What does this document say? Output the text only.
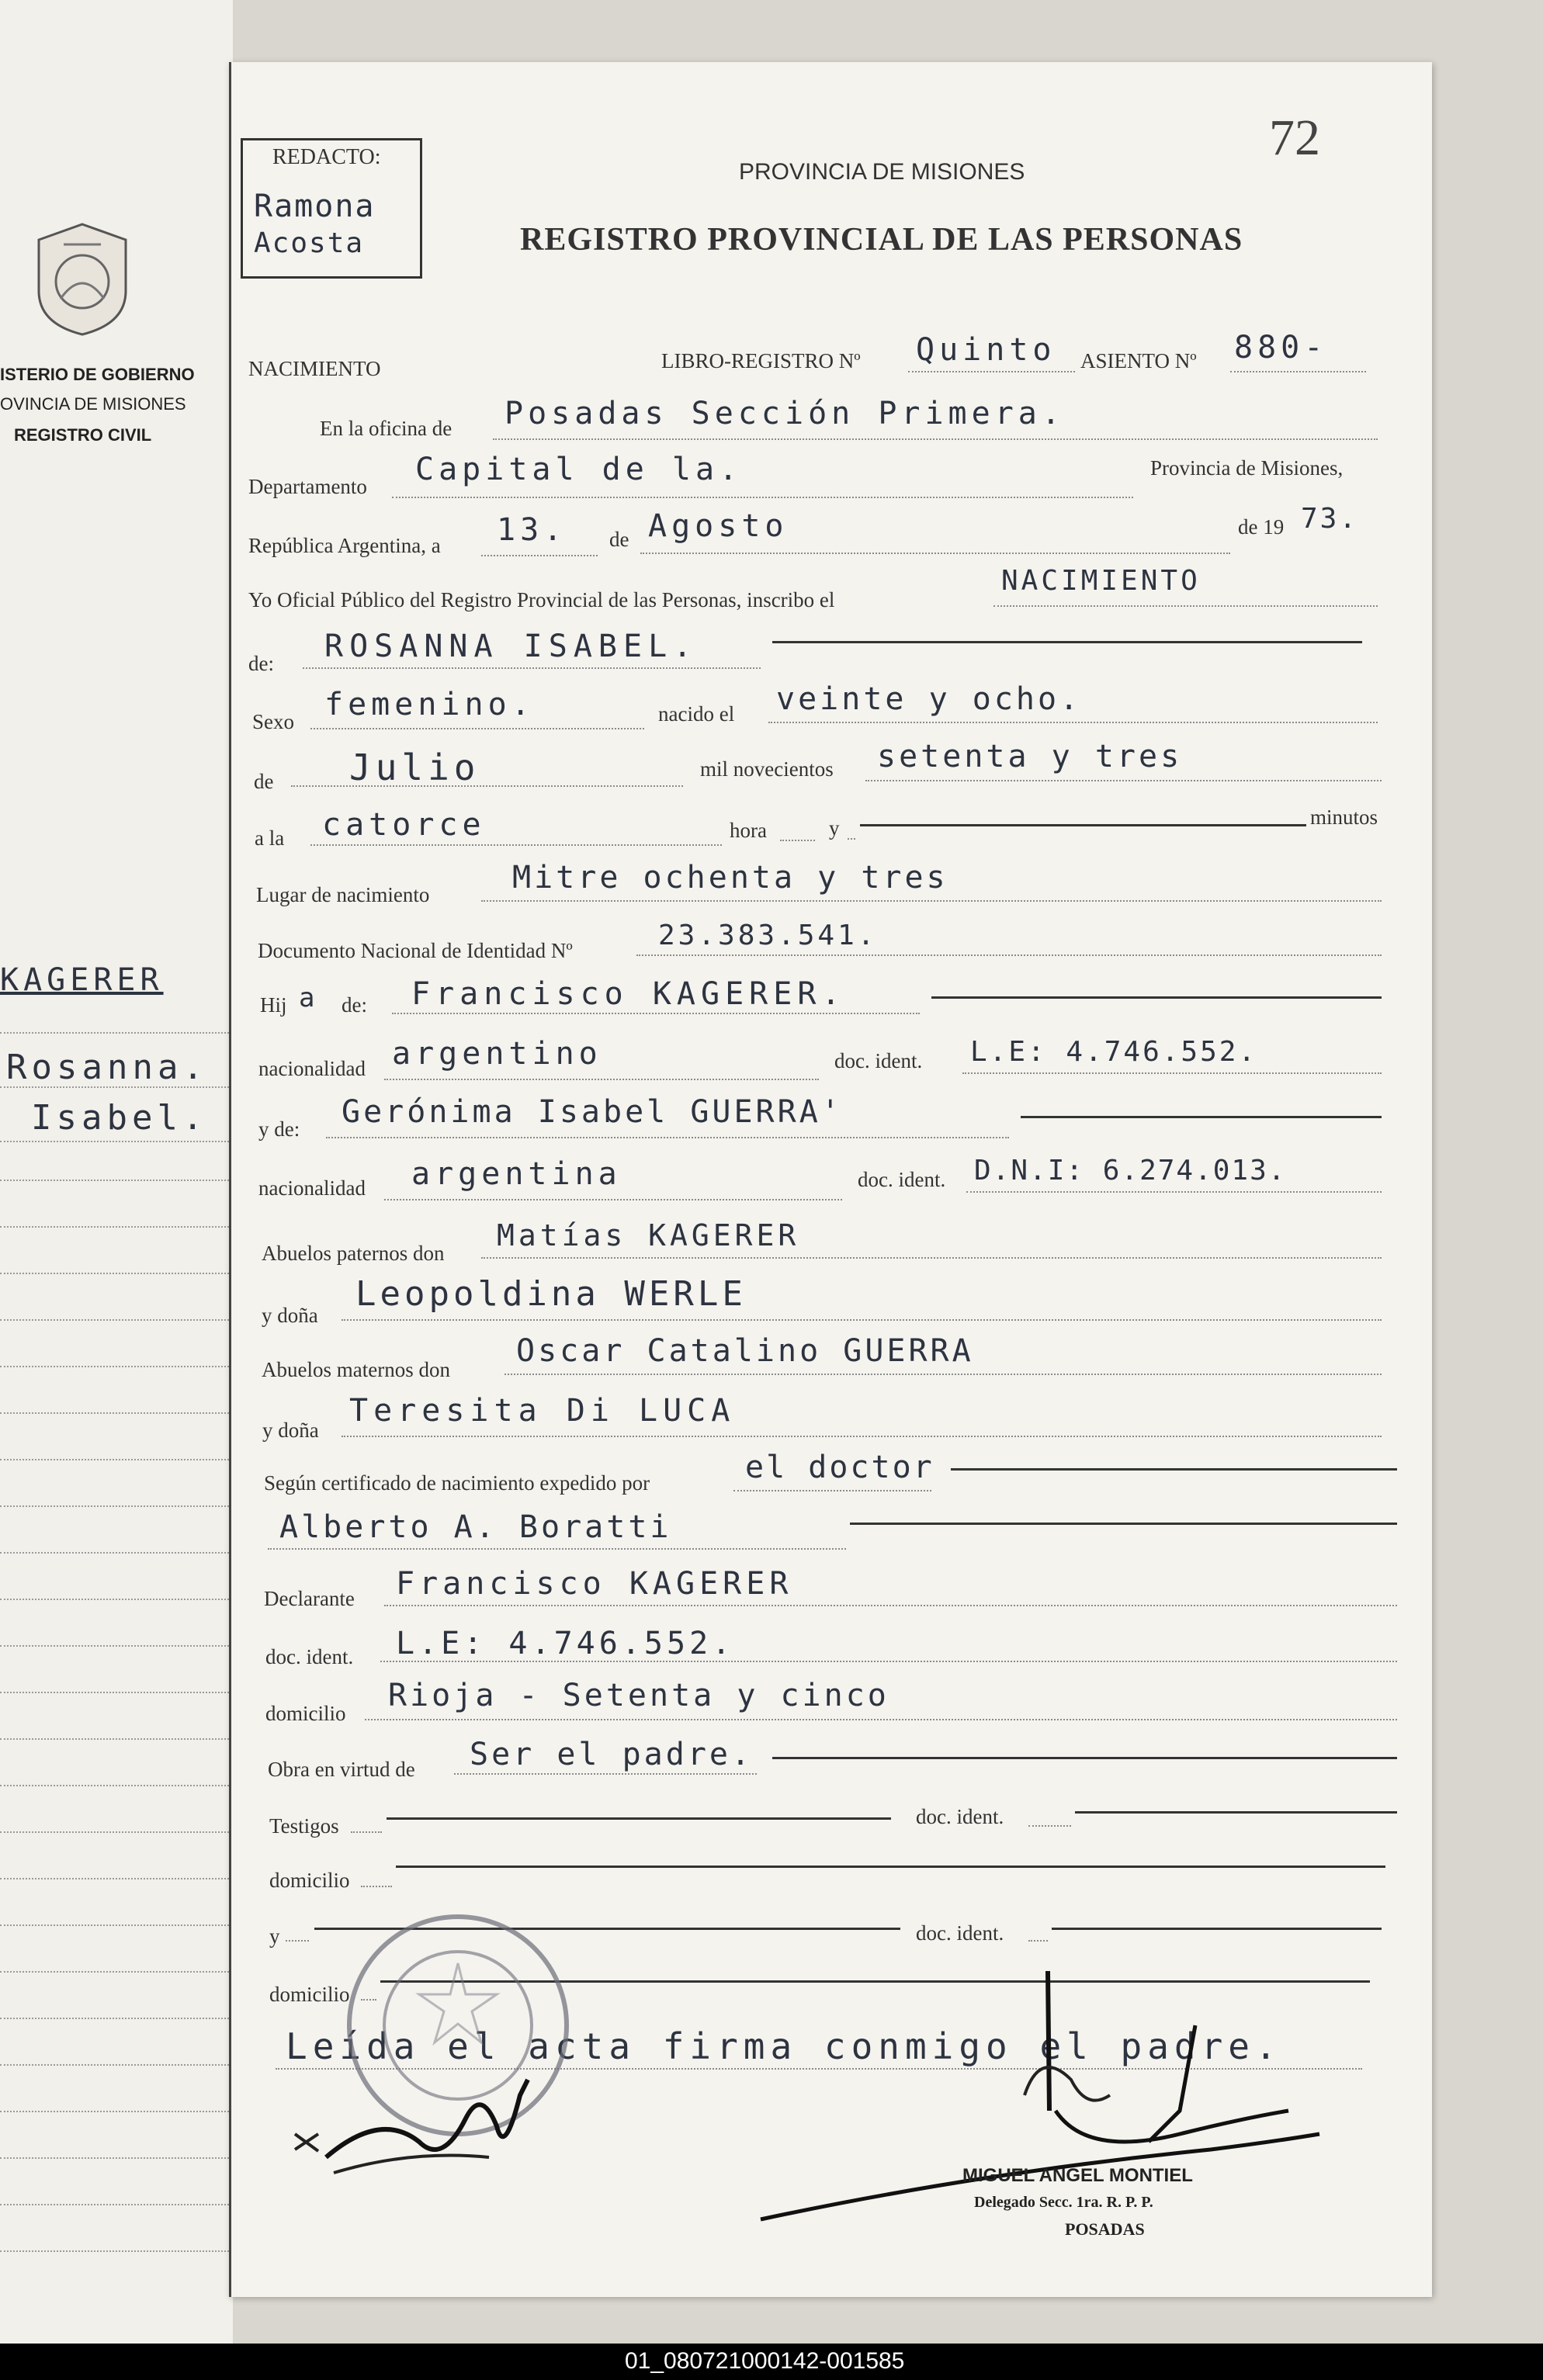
ISTERIO DE GOBIERNO
OVINCIA DE MISIONES
REGISTRO CIVIL
KAGERER
Rosanna.
Isabel.
72
REDACTO:
Ramona
Acosta
PROVINCIA DE MISIONES
REGISTRO PROVINCIAL DE LAS PERSONAS
NACIMIENTO	LIBRO-REGISTRO Nº Quinto ASIENTO Nº 880-
En la oficina de Posadas Sección Primera.
Departamento Capital de la.	Provincia de Misiones,
República Argentina, a 13. de Agosto	de 19 73.
Yo Oficial Público del Registro Provincial de las Personas, inscribo el
NACIMIENTO
de: ROSANNA ISABEL.
Sexo femenino.	nacido el veinte y ocho.
de Julio	mil novecientos setenta y tres
a la catorce	hora	y	minutos
Lugar de nacimiento	Mitre ochenta y tres
Documento Nacional de Identidad Nº	23.383.541.
Hij a de: Francisco KAGERER.
nacionalidad argentino	doc. ident. L.E: 4.746.552.
y de: Gerónima Isabel GUERRA'
nacionalidad argentina	doc. ident. D.N.I: 6.274.013.
Abuelos paternos don
Matías KAGERER
y doña
Leopoldina WERLE
Abuelos maternos don
Oscar Catalino GUERRA
y doña
Teresita Di LUCA
Según certificado de nacimiento expedido por	el doctor
Alberto A. Boratti
Declarante Francisco KAGERER
doc. ident. L.E: 4.746.552.
domicilio Rioja - Setenta y cinco
Obra en virtud de Ser el padre.
Testigos	doc. ident.
domicilio
y	doc. ident.
domicilio
Leída el acta firma conmigo el padre.
MIGUEL ANGEL MONTIEL
Delegado Secc. 1ra. R. P. P.
POSADAS
01_080721000142-001585
